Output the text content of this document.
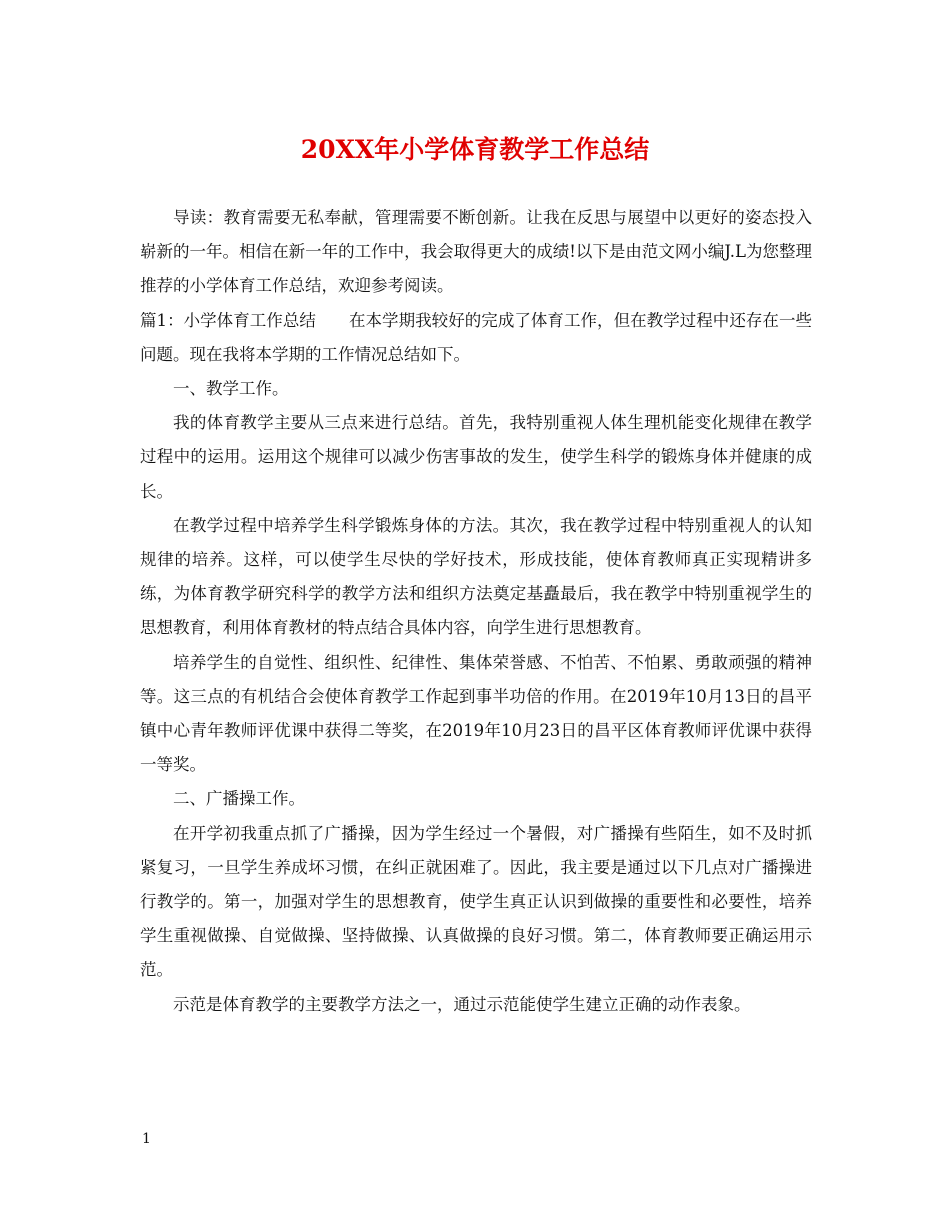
20XX年小学体育教学工作总结

导读：教育需要无私奉献，管理需要不断创新。让我在反思与展望中以更好的姿态投入崭新的一年。相信在新一年的工作中，我会取得更大的成绩!以下是由范文网小编J.L为您整理推荐的小学体育工作总结，欢迎参考阅读。

篇1：小学体育工作总结　　在本学期我较好的完成了体育工作，但在教学过程中还存在一些问题。现在我将本学期的工作情况总结如下。

一、教学工作。

我的体育教学主要从三点来进行总结。首先，我特别重视人体生理机能变化规律在教学过程中的运用。运用这个规律可以减少伤害事故的发生，使学生科学的锻炼身体并健康的成长。

在教学过程中培养学生科学锻炼身体的方法。其次，我在教学过程中特别重视人的认知规律的培养。这样，可以使学生尽快的学好技术，形成技能，使体育教师真正实现精讲多练，为体育教学研究科学的教学方法和组织方法奠定基矗最后，我在教学中特别重视学生的思想教育，利用体育教材的特点结合具体内容，向学生进行思想教育。

培养学生的自觉性、组织性、纪律性、集体荣誉感、不怕苦、不怕累、勇敢顽强的精神等。这三点的有机结合会使体育教学工作起到事半功倍的作用。在2019年10月13日的昌平镇中心青年教师评优课中获得二等奖，在2019年10月23日的昌平区体育教师评优课中获得一等奖。

二、广播操工作。

在开学初我重点抓了广播操，因为学生经过一个暑假，对广播操有些陌生，如不及时抓紧复习，一旦学生养成坏习惯，在纠正就困难了。因此，我主要是通过以下几点对广播操进行教学的。第一，加强对学生的思想教育，使学生真正认识到做操的重要性和必要性，培养学生重视做操、自觉做操、坚持做操、认真做操的良好习惯。第二，体育教师要正确运用示范。

示范是体育教学的主要教学方法之一，通过示范能使学生建立正确的动作表象。

1
